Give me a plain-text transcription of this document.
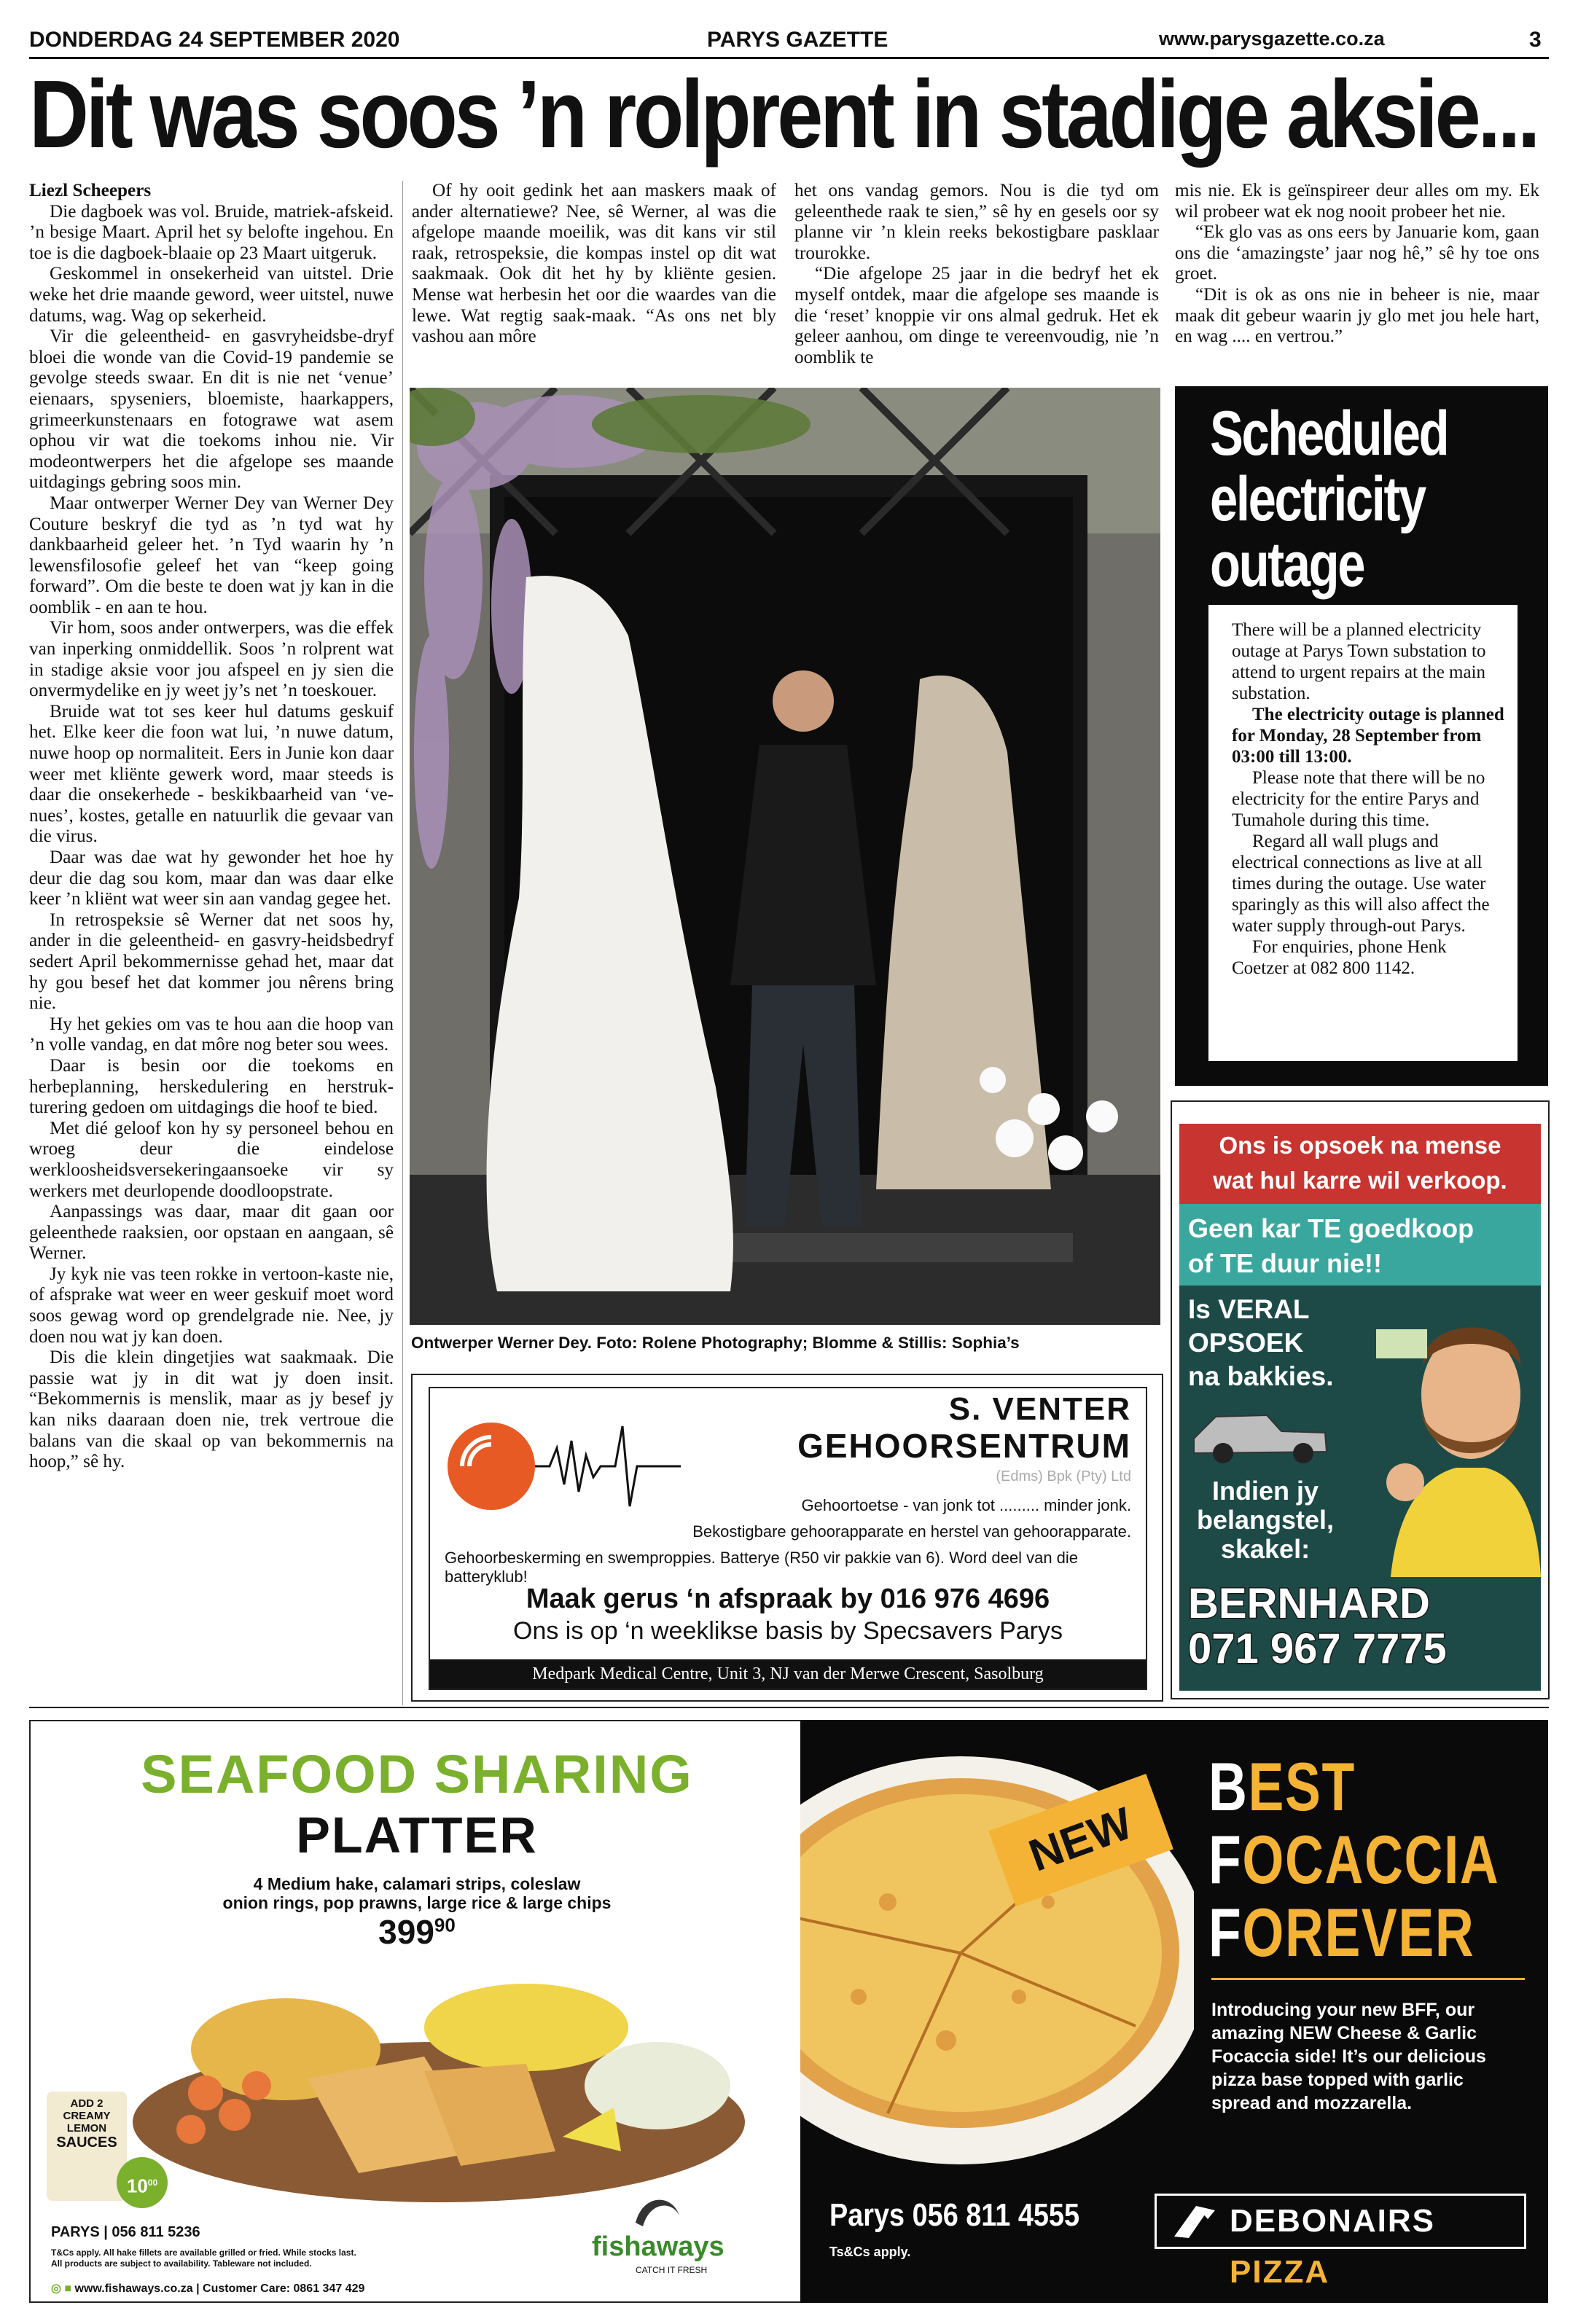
DONDERDAG 24 SEPTEMBER 2020	PARYS GAZETTE	www.parysgazette.co.za	3
Dit was soos ’n rolprent in stadige aksie...
Liezl Scheepers

Die dagboek was vol. Bruide, matriek-afskeid. ’n besige Maart. April het sy belofte ingehou. En toe is die dagboek-blaaie op 23 Maart uitgeruk.

Geskommel in onsekerheid van uitstel. Drie weke het drie maande geword, weer uitstel, nuwe datums, wag. Wag op sekerheid.

Vir die geleentheid- en gasvryheidsbe-dryf bloei die wonde van die Covid-19 pandemie se gevolge steeds swaar. En dit is nie net ‘venue’ eienaars, spyseniers, bloemiste, haarkappers, grimeerkunstenaars en fotograwe wat asem ophou vir wat die toekoms inhou nie. Vir modeontwerpers het die afgelope ses maande uitdagings gebring soos min.

Maar ontwerper Werner Dey van Werner Dey Couture beskryf die tyd as ’n tyd wat hy dankbaarheid geleer het. ’n Tyd waarin hy ’n lewensfilosofie geleef het van “keep going forward”. Om die beste te doen wat jy kan in die oomblik - en aan te hou.

Vir hom, soos ander ontwerpers, was die effek van inperking onmiddellik. Soos ’n rolprent wat in stadige aksie voor jou afspeel en jy sien die onvermydelike en jy weet jy’s net ’n toeskouer.

Bruide wat tot ses keer hul datums geskuif het. Elke keer die foon wat lui, ’n nuwe datum, nuwe hoop op normaliteit. Eers in Junie kon daar weer met kliënte gewerk word, maar steeds is daar die onsekerhede - beskikbaarheid van ‘ve-nues’, kostes, getalle en natuurlik die gevaar van die virus.

Daar was dae wat hy gewonder het hoe hy deur die dag sou kom, maar dan was daar elke keer ’n kliënt wat weer sin aan vandag gegee het.

In retrospeksie sê Werner dat net soos hy, ander in die geleentheid- en gasvry-heidsbedryf sedert April bekommernisse gehad het, maar dat hy gou besef het dat kommer jou nêrens bring nie.

Hy het gekies om vas te hou aan die hoop van ’n volle vandag, en dat môre nog beter sou wees.

Daar is besin oor die toekoms en herbeplanning, herskedulering en herstruk-turering gedoen om uitdagings die hoof te bied.

Met dié geloof kon hy sy personeel behou en wroeg deur die eindelose werkloosheidsversekeringaansoeke vir sy werkers met deurlopende doodloopstrate.

Aanpassings was daar, maar dit gaan oor geleenthede raaksien, oor opstaan en aangaan, sê Werner.

Jy kyk nie vas teen rokke in vertoon-kaste nie, of afsprake wat weer en weer geskuif moet word soos gewag word op grendelgrade nie. Nee, jy doen nou wat jy kan doen.

Dis die klein dingetjies wat saakmaak. Die passie wat jy in dit wat jy doen insit. “Bekommernis is menslik, maar as jy besef jy kan niks daaraan doen nie, trek vertroue die balans van die skaal op van bekommernis na hoop,” sê hy.

Of hy ooit gedink het aan maskers maak of ander alternatiewe? Nee, sê Werner, al was die afgelope maande moeilik, was dit kans vir stil raak, retrospeksie, die kompas instel op dit wat saakmaak. Ook dit het hy by kliënte gesien. Mense wat herbesin het oor die waardes van die lewe. Wat regtig saak-maak. “As ons net bly vashou aan môre

het ons vandag gemors. Nou is die tyd om geleenthede raak te sien,” sê hy en gesels oor sy planne vir ’n klein reeks bekostigbare pasklaar trourokke.

“Die afgelope 25 jaar in die bedryf het ek myself ontdek, maar die afgelope ses maande is die ‘reset’ knoppie vir ons almal gedruk. Het ek geleer aanhou, om dinge te vereenvoudig, nie ’n oomblik te

mis nie. Ek is geïnspireer deur alles om my. Ek wil probeer wat ek nog nooit probeer het nie.

“Ek glo vas as ons eers by Januarie kom, gaan ons die ‘amazingste’ jaar nog hê,” sê hy toe ons groet.

“Dit is ok as ons nie in beheer is nie, maar maak dit gebeur waarin jy glo met jou hele hart, en wag .... en vertrou.”

Ontwerper Werner Dey. Foto: Rolene Photography; Blomme & Stillis: Sophia’s
Scheduled
electricity
outage

There will be a planned electricity outage at Parys Town substation to attend to urgent repairs at the main substation.

The electricity outage is planned for Monday, 28 September from 03:00 till 13:00.

Please note that there will be no electricity for the entire Parys and Tumahole during this time.

Regard all wall plugs and electrical connections as live at all times during the outage. Use water sparingly as this will also affect the water supply through-out Parys.

For enquiries, phone Henk Coetzer at 082 800 1142.

Ons is opsoek na mense
wat hul karre wil verkoop.
Geen kar TE goedkoop
of TE duur nie!!
Is VERAL
OPSOEK
na bakkies.
Indien jy
belangstel,
skakel:
BERNHARD
071 967 7775
S. VENTER
GEHOORSENTRUM
(Edms) Bpk (Pty) Ltd
Gehoortoetse - van jonk tot ......... minder jonk.
Bekostigbare gehoorapparate en herstel van gehoorapparate.
Gehoorbeskerming en swemproppies. Batterye (R50 vir pakkie van 6). Word deel van die batteryklub!
Maak gerus ‘n afspraak by 016 976 4696
Ons is op ‘n weeklikse basis by Specsavers Parys
Medpark Medical Centre, Unit 3, NJ van der Merwe Crescent, Sasolburg
SEAFOOD SHARING
PLATTER
4 Medium hake, calamari strips, coleslaw
onion rings, pop prawns, large rice & large chips
$399^{90}$
ADD 2
CREAMY LEMON
SAUCES
$10^{00}$
PARYS | 056 811 5236
T&Cs apply. All hake fillets are available grilled or fried. While stocks last.
All products are subject to availability. Tableware not included.
◎ ■ www.fishaways.co.za | Customer Care: 0861 347 429
fishaways
CATCH IT FRESH
NEW
BEST
FOCACCIA
FOREVER
Introducing your new BFF, our amazing NEW Cheese & Garlic Focaccia side! It’s our delicious pizza base topped with garlic spread and mozzarella.
Parys 056 811 4555
Ts&Cs apply.
DEBONAIRS PIZZA
